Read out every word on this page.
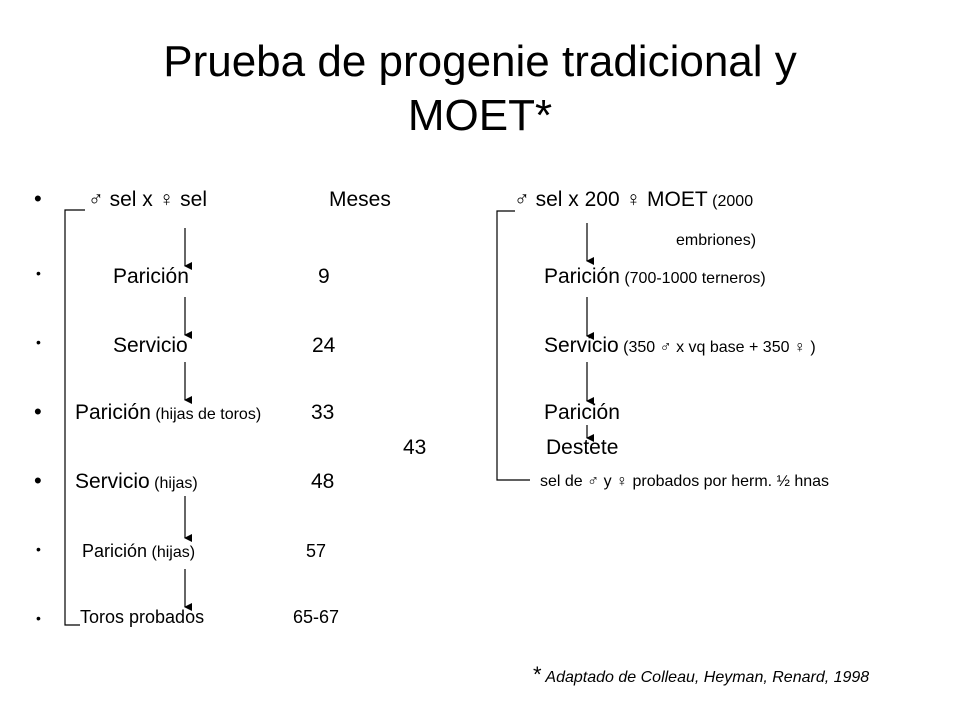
Prueba de progenie tradicional y
MOET*
•
•
•
•
•
•
•
♂ sel x ♀ sel
Parición
Servicio
Parición (hijas de toros)
Servicio (hijas)
Parición (hijas)
Toros probados
Meses
9
24
33
43
48
57
65-67
♂ sel x 200 ♀ MOET (2000
embriones)
Parición (700-1000 terneros)
Servicio (350 ♂ x vq base + 350 ♀ )
Parición
Destete
sel de ♂ y ♀ probados por herm. ½ hnas
* Adaptado de Colleau, Heyman, Renard, 1998
